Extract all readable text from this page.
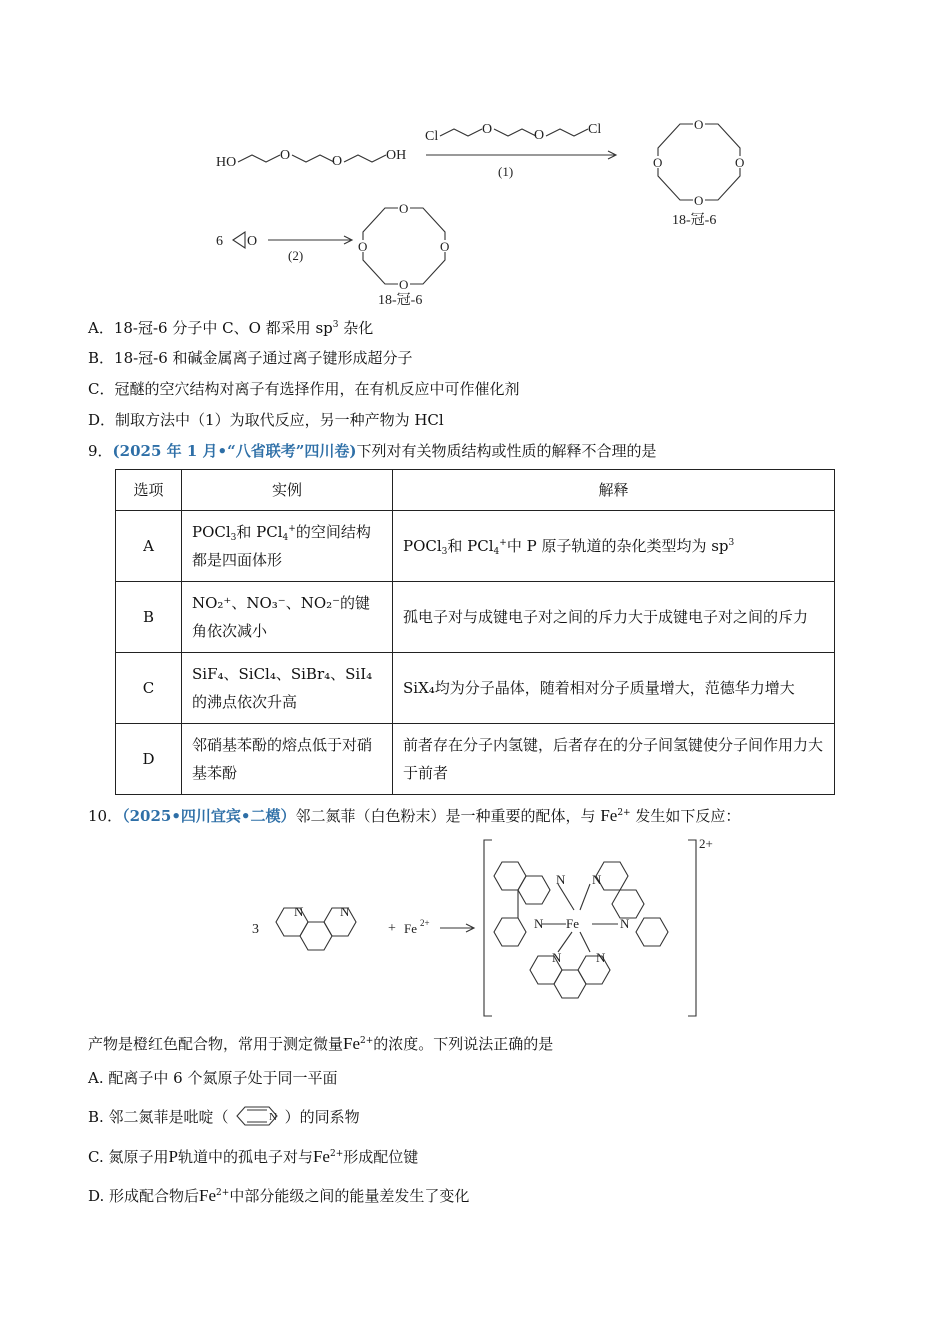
HO	O	O	OH
Cl	O	O	Cl
(1)
O
O
O
O
18-冠-6
6 O
(2)
O
O
O
O
18-冠-6
A．18-冠-6 分子中 C、O 都采用 $sp^3$ 杂化
B．18-冠-6 和碱金属离子通过离子键形成超分子
C．冠醚的空穴结构对离子有选择作用，在有机反应中可作催化剂
D．制取方法中（1）为取代反应，另一种产物为 HCl
9．(2025 年 1 月•“八省联考”四川卷)下列对有关物质结构或性质的解释不合理的是
选项	实例	解释
A	POCl$_3$和 PCl$_4$+的空间结构都是四面体形	POCl$_3$和 PCl$_4$+中 P 原子轨道的杂化类型均为 $sp^3$
B	NO₂⁺、NO₃⁻、NO₂⁻的键角依次减小	孤电子对与成键电子对之间的斥力大于成键电子对之间的斥力
C	SiF₄、SiCl₄、SiBr₄、SiI₄的沸点依次升高	SiX₄均为分子晶体，随着相对分子质量增大，范德华力增大
D	邻硝基苯酚的熔点低于对硝基苯酚	前者存在分子内氢键，后者存在的分子间氢键使分子间作用力大于前者
10．（2025•四川宜宾•二模）邻二氮菲（白色粉末）是一种重要的配体，与 $Fe^{2+}$ 发生如下反应：
3
N	N
+ Fe 2+
N N
N Fe	N
N	N
2+
产物是橙红色配合物，常用于测定微量$Fe^{2+}$的浓度。下列说法正确的是
A. 配离子中 6 个氮原子处于同一平面
B. 邻二氮菲是吡啶（	N ）的同系物
C. 氮原子用P轨道中的孤电子对与$Fe^{2+}$形成配位键
D. 形成配合物后$Fe^{2+}$中部分能级之间的能量差发生了变化
